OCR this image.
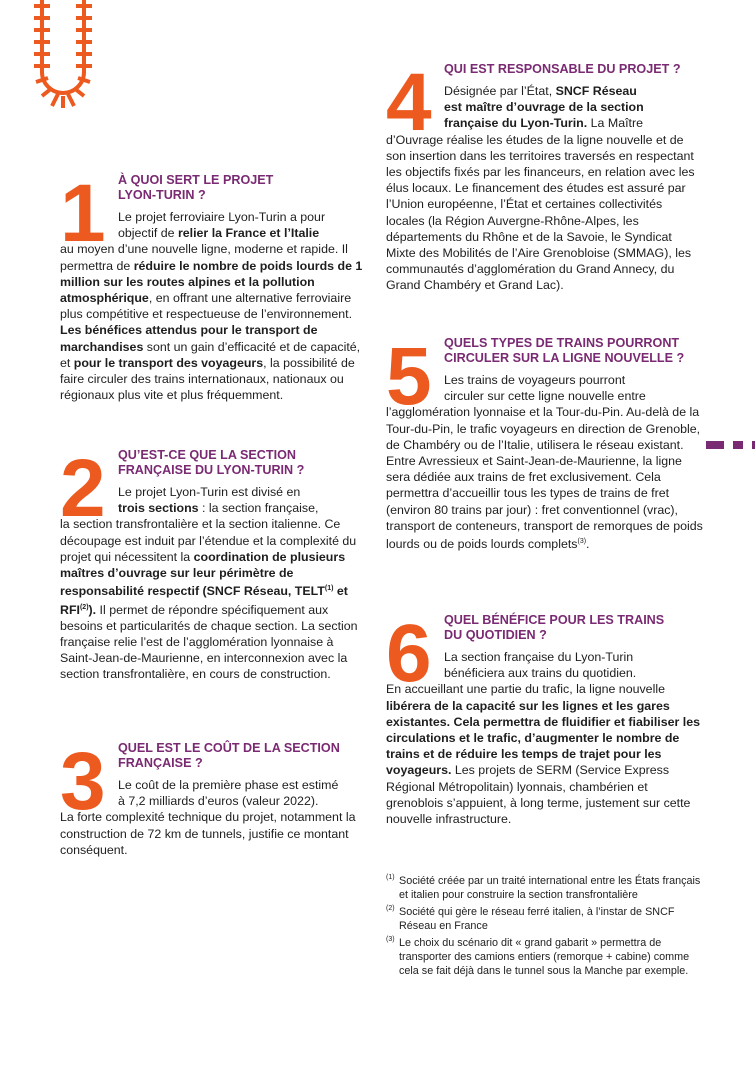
1 À QUOI SERT LE PROJET LYON-TURIN ?

Le projet ferroviaire Lyon-Turin a pour
objectif de relier la France et l’Italie

au moyen d’une nouvelle ligne, moderne et rapide. Il permettra de réduire le nombre de poids lourds de 1 million sur les routes alpines et la pollution atmosphérique, en offrant une alternative ferroviaire plus compétitive et respectueuse de l’environnement. Les bénéfices attendus pour le transport de marchandises sont un gain d’efficacité et de capacité, et pour le transport des voyageurs, la possibilité de faire circuler des trains internationaux, nationaux ou régionaux plus vite et plus fréquemment.

2 QU’EST-CE QUE LA SECTION FRANÇAISE DU LYON-TURIN ?

Le projet Lyon-Turin est divisé en
trois sections : la section française,

la section transfrontalière et la section italienne. Ce découpage est induit par l’étendue et la complexité du projet qui nécessitent la coordination de plusieurs maîtres d’ouvrage sur leur périmètre de responsabilité respectif (SNCF Réseau, TELT$^{(1)}$ et RFI$^{(2)}$). Il permet de répondre spécifiquement aux besoins et particularités de chaque section. La section française relie l’est de l’agglomération lyonnaise à Saint-Jean-de-Maurienne, en interconnexion avec la section transfrontalière, en cours de construction.

3 QUEL EST LE COÛT DE LA SECTION FRANÇAISE ?

Le coût de la première phase est estimé
à 7,2 milliards d’euros (valeur 2022).

La forte complexité technique du projet, notamment la construction de 72 km de tunnels, justifie ce montant conséquent.

4 QUI EST RESPONSABLE DU PROJET ?

Désignée par l’État, SNCF Réseau
est maître d’ouvrage de la section
française du Lyon-Turin. La Maître

d’Ouvrage réalise les études de la ligne nouvelle et de son insertion dans les territoires traversés en respectant les objectifs fixés par les financeurs, en relation avec les élus locaux. Le financement des études est assuré par l’Union européenne, l’État et certaines collectivités locales (la Région Auvergne-Rhône-Alpes, les départements du Rhône et de la Savoie, le Syndicat Mixte des Mobilités de l’Aire Grenobloise (SMMAG), les communautés d’agglomération du Grand Annecy, du Grand Chambéry et Grand Lac).

5 QUELS TYPES DE TRAINS POURRONT CIRCULER SUR LA LIGNE NOUVELLE ?

Les trains de voyageurs pourront
circuler sur cette ligne nouvelle entre

l’agglomération lyonnaise et la Tour-du-Pin. Au-delà de la Tour-du-Pin, le trafic voyageurs en direction de Grenoble, de Chambéry ou de l’Italie, utilisera le réseau existant. Entre Avressieux et Saint-Jean-de-Maurienne, la ligne sera dédiée aux trains de fret exclusivement. Cela permettra d’accueillir tous les types de trains de fret (environ 80 trains par jour) : fret conventionnel (vrac), transport de conteneurs, transport de remorques de poids lourds ou de poids lourds complets$^{(3)}$.

6 QUEL BÉNÉFICE POUR LES TRAINS DU QUOTIDIEN ?

La section française du Lyon-Turin
bénéficiera aux trains du quotidien.

En accueillant une partie du trafic, la ligne nouvelle libérera de la capacité sur les lignes et les gares existantes. Cela permettra de fluidifier et fiabiliser les circulations et le trafic, d’augmenter le nombre de trains et de réduire les temps de trajet pour les voyageurs. Les projets de SERM (Service Express Régional Métropolitain) lyonnais, chambérien et grenoblois s’appuient, à long terme, justement sur cette nouvelle infrastructure.

$^{(1)}$ Société créée par un traité international entre les États français et italien pour construire la section transfrontalière
$^{(2)}$ Société qui gère le réseau ferré italien, à l’instar de SNCF Réseau en France
$^{(3)}$ Le choix du scénario dit « grand gabarit » permettra de transporter des camions entiers (remorque + cabine) comme cela se fait déjà dans le tunnel sous la Manche par exemple.
